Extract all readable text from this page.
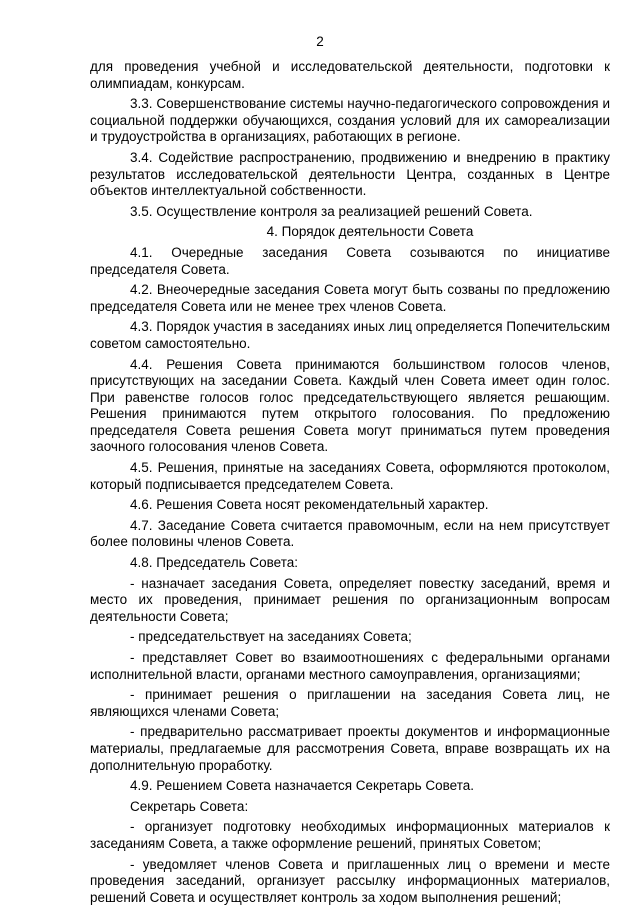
2

для проведения учебной и исследовательской деятельности, подготовки к олимпиадам, конкурсам.

3.3. Совершенствование системы научно-педагогического сопровождения и социальной поддержки обучающихся, создания условий для их самореализации и трудоустройства в организациях, работающих в регионе.

3.4. Содействие распространению, продвижению и внедрению в практику результатов исследовательской деятельности Центра, созданных в Центре объектов интеллектуальной собственности.

3.5. Осуществление контроля за реализацией решений Совета.

4. Порядок деятельности Совета

4.1. Очередные заседания Совета созываются по инициативе председателя Совета.

4.2. Внеочередные заседания Совета могут быть созваны по предложению председателя Совета или не менее трех членов Совета.

4.3. Порядок участия в заседаниях иных лиц определяется Попечительским советом самостоятельно.

4.4. Решения Совета принимаются большинством голосов членов, присутствующих на заседании Совета. Каждый член Совета имеет один голос. При равенстве голосов голос председательствующего является решающим. Решения принимаются путем открытого голосования. По предложению председателя Совета решения Совета могут приниматься путем проведения заочного голосования членов Совета.

4.5. Решения, принятые на заседаниях Совета, оформляются протоколом, который подписывается председателем Совета.

4.6. Решения Совета носят рекомендательный характер.

4.7. Заседание Совета считается правомочным, если на нем присутствует более половины членов Совета.

4.8. Председатель Совета:

- назначает заседания Совета, определяет повестку заседаний, время и место их проведения, принимает решения по организационным вопросам деятельности Совета;

- председательствует на заседаниях Совета;

- представляет Совет во взаимоотношениях с федеральными органами исполнительной власти, органами местного самоуправления, организациями;

- принимает решения о приглашении на заседания Совета лиц, не являющихся членами Совета;

- предварительно рассматривает проекты документов и информационные материалы, предлагаемые для рассмотрения Совета, вправе возвращать их на дополнительную проработку.

4.9. Решением Совета назначается Секретарь Совета.

Секретарь Совета:

- организует подготовку необходимых информационных материалов к заседаниям Совета, а также оформление решений, принятых Советом;

- уведомляет членов Совета и приглашенных лиц о времени и месте проведения заседаний, организует рассылку информационных материалов, решений Совета и осуществляет контроль за ходом выполнения решений;
